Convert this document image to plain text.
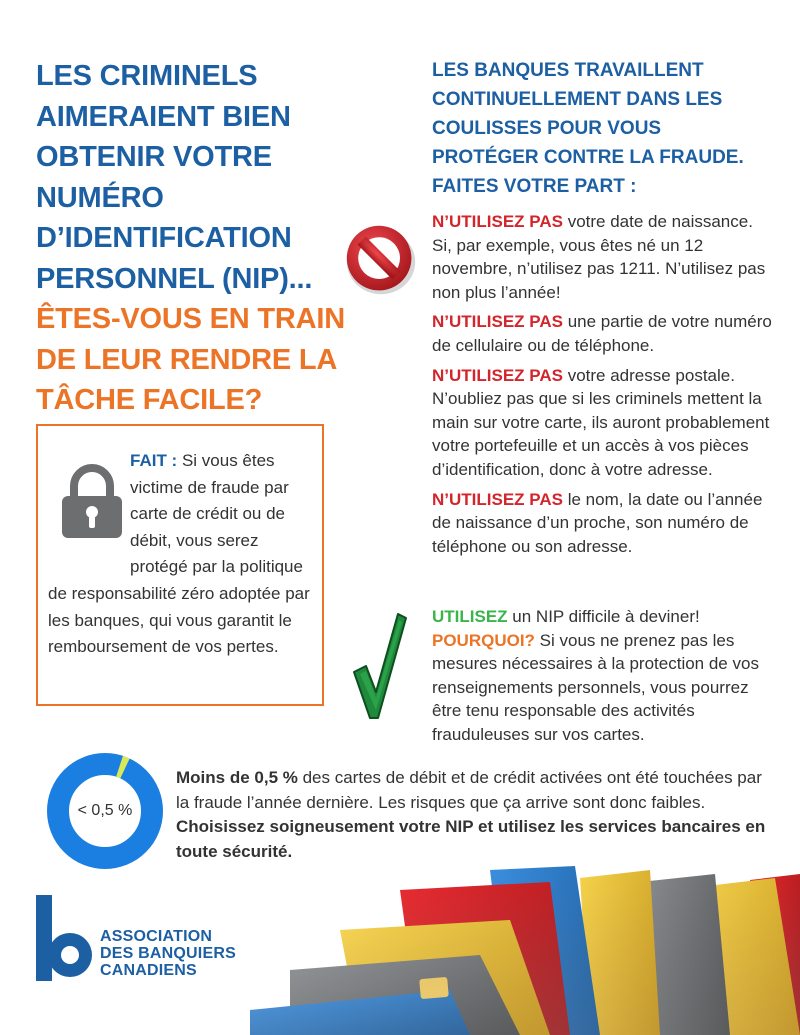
LES CRIMINELS
AIMERAIENT BIEN
OBTENIR VOTRE NUMÉRO
D’IDENTIFICATION
PERSONNEL (NIP)...
ÊTES-VOUS EN TRAIN
DE LEUR RENDRE LA
TÂCHE FACILE?
LES BANQUES TRAVAILLENT
CONTINUELLEMENT DANS LES
COULISSES POUR VOUS
PROTÉGER CONTRE LA FRAUDE.
FAITES VOTRE PART :

N’UTILISEZ PAS votre date de naissance. Si, par exemple, vous êtes né un 12 novembre, n’utilisez pas 1211. N’utilisez pas non plus l’année!

N’UTILISEZ PAS une partie de votre numéro de cellulaire ou de téléphone.

N’UTILISEZ PAS votre adresse postale. N’oubliez pas que si les criminels mettent la main sur votre carte, ils auront probablement votre portefeuille et un accès à vos pièces d’identification, donc à votre adresse.

N’UTILISEZ PAS le nom, la date ou l’année de naissance d’un proche, son numéro de téléphone ou son adresse.

UTILISEZ un NIP difficile à deviner!
POURQUOI? Si vous ne prenez pas les mesures nécessaires à la protection de vos renseignements personnels, vous pourrez être tenu responsable des activités frauduleuses sur vos cartes.
FAIT : Si vous êtes victime de fraude par carte de crédit ou de débit, vous serez protégé par la politique de responsabilité zéro adoptée par les banques, qui vous garantit le remboursement de vos pertes.
< 0,5 %
Moins de 0,5 % des cartes de débit et de crédit activées ont été touchées par la fraude l’année dernière. Les risques que ça arrive sont donc faibles. Choisissez soigneusement votre NIP et utilisez les services bancaires en toute sécurité.
ASSOCIATION
DES BANQUIERS
CANADIENS
